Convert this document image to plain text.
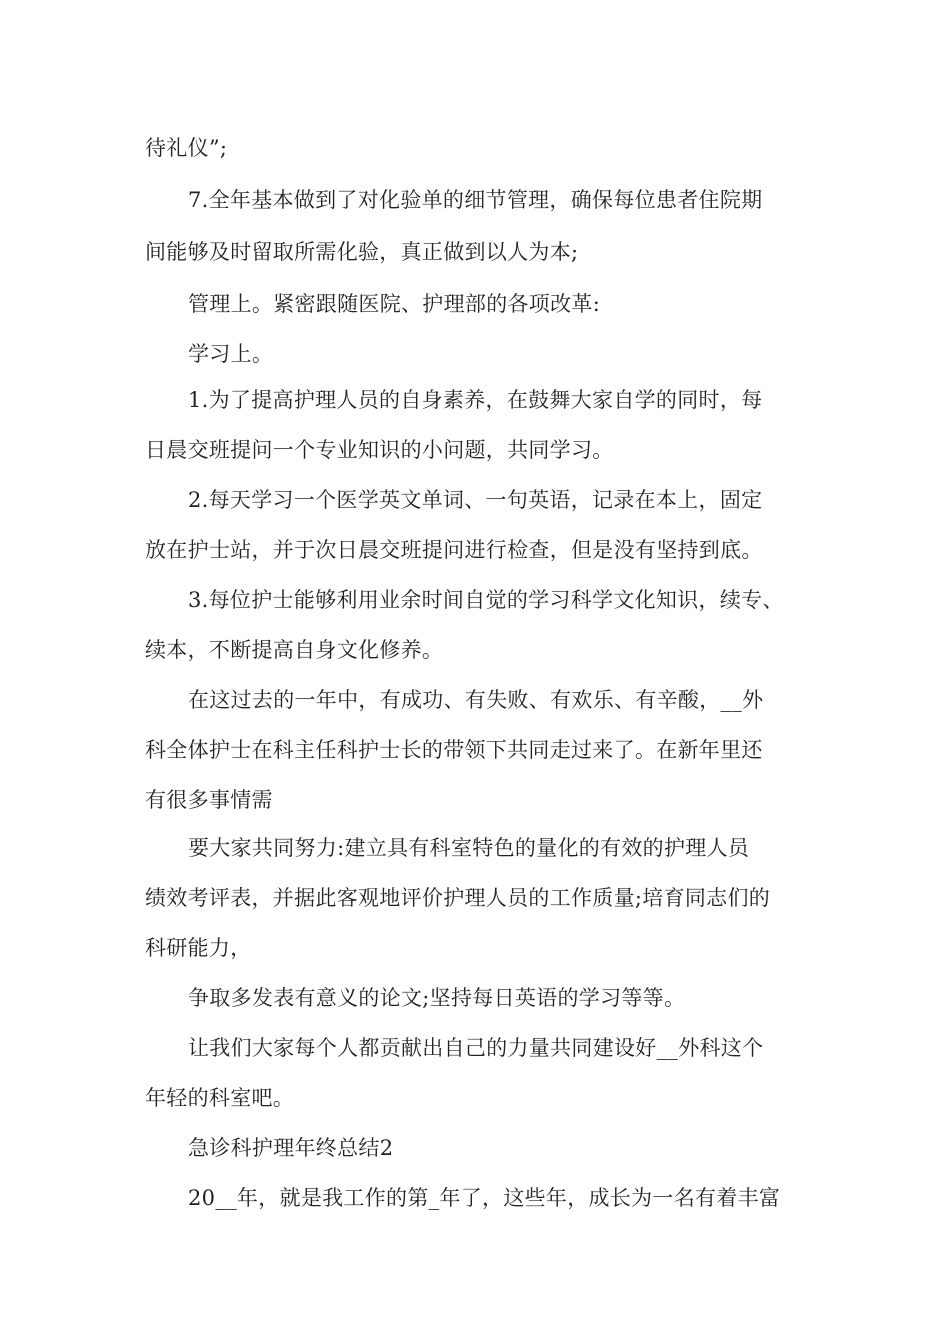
待礼仪”;
7.全年基本做到了对化验单的细节管理，确保每位患者住院期
间能够及时留取所需化验，真正做到以人为本;
管理上。紧密跟随医院、护理部的各项改革:
学习上。
1.为了提高护理人员的自身素养，在鼓舞大家自学的同时，每
日晨交班提问一个专业知识的小问题，共同学习。
2.每天学习一个医学英文单词、一句英语，记录在本上，固定
放在护士站，并于次日晨交班提问进行检查，但是没有坚持到底。
3.每位护士能够利用业余时间自觉的学习科学文化知识，续专、
续本，不断提高自身文化修养。
在这过去的一年中，有成功、有失败、有欢乐、有辛酸，__外
科全体护士在科主任科护士长的带领下共同走过来了。在新年里还
有很多事情需
要大家共同努力:建立具有科室特色的量化的有效的护理人员
绩效考评表，并据此客观地评价护理人员的工作质量;培育同志们的
科研能力，
争取多发表有意义的论文;坚持每日英语的学习等等。
让我们大家每个人都贡献出自己的力量共同建设好__外科这个
年轻的科室吧。
急诊科护理年终总结2
20__年，就是我工作的第_年了，这些年，成长为一名有着丰富
